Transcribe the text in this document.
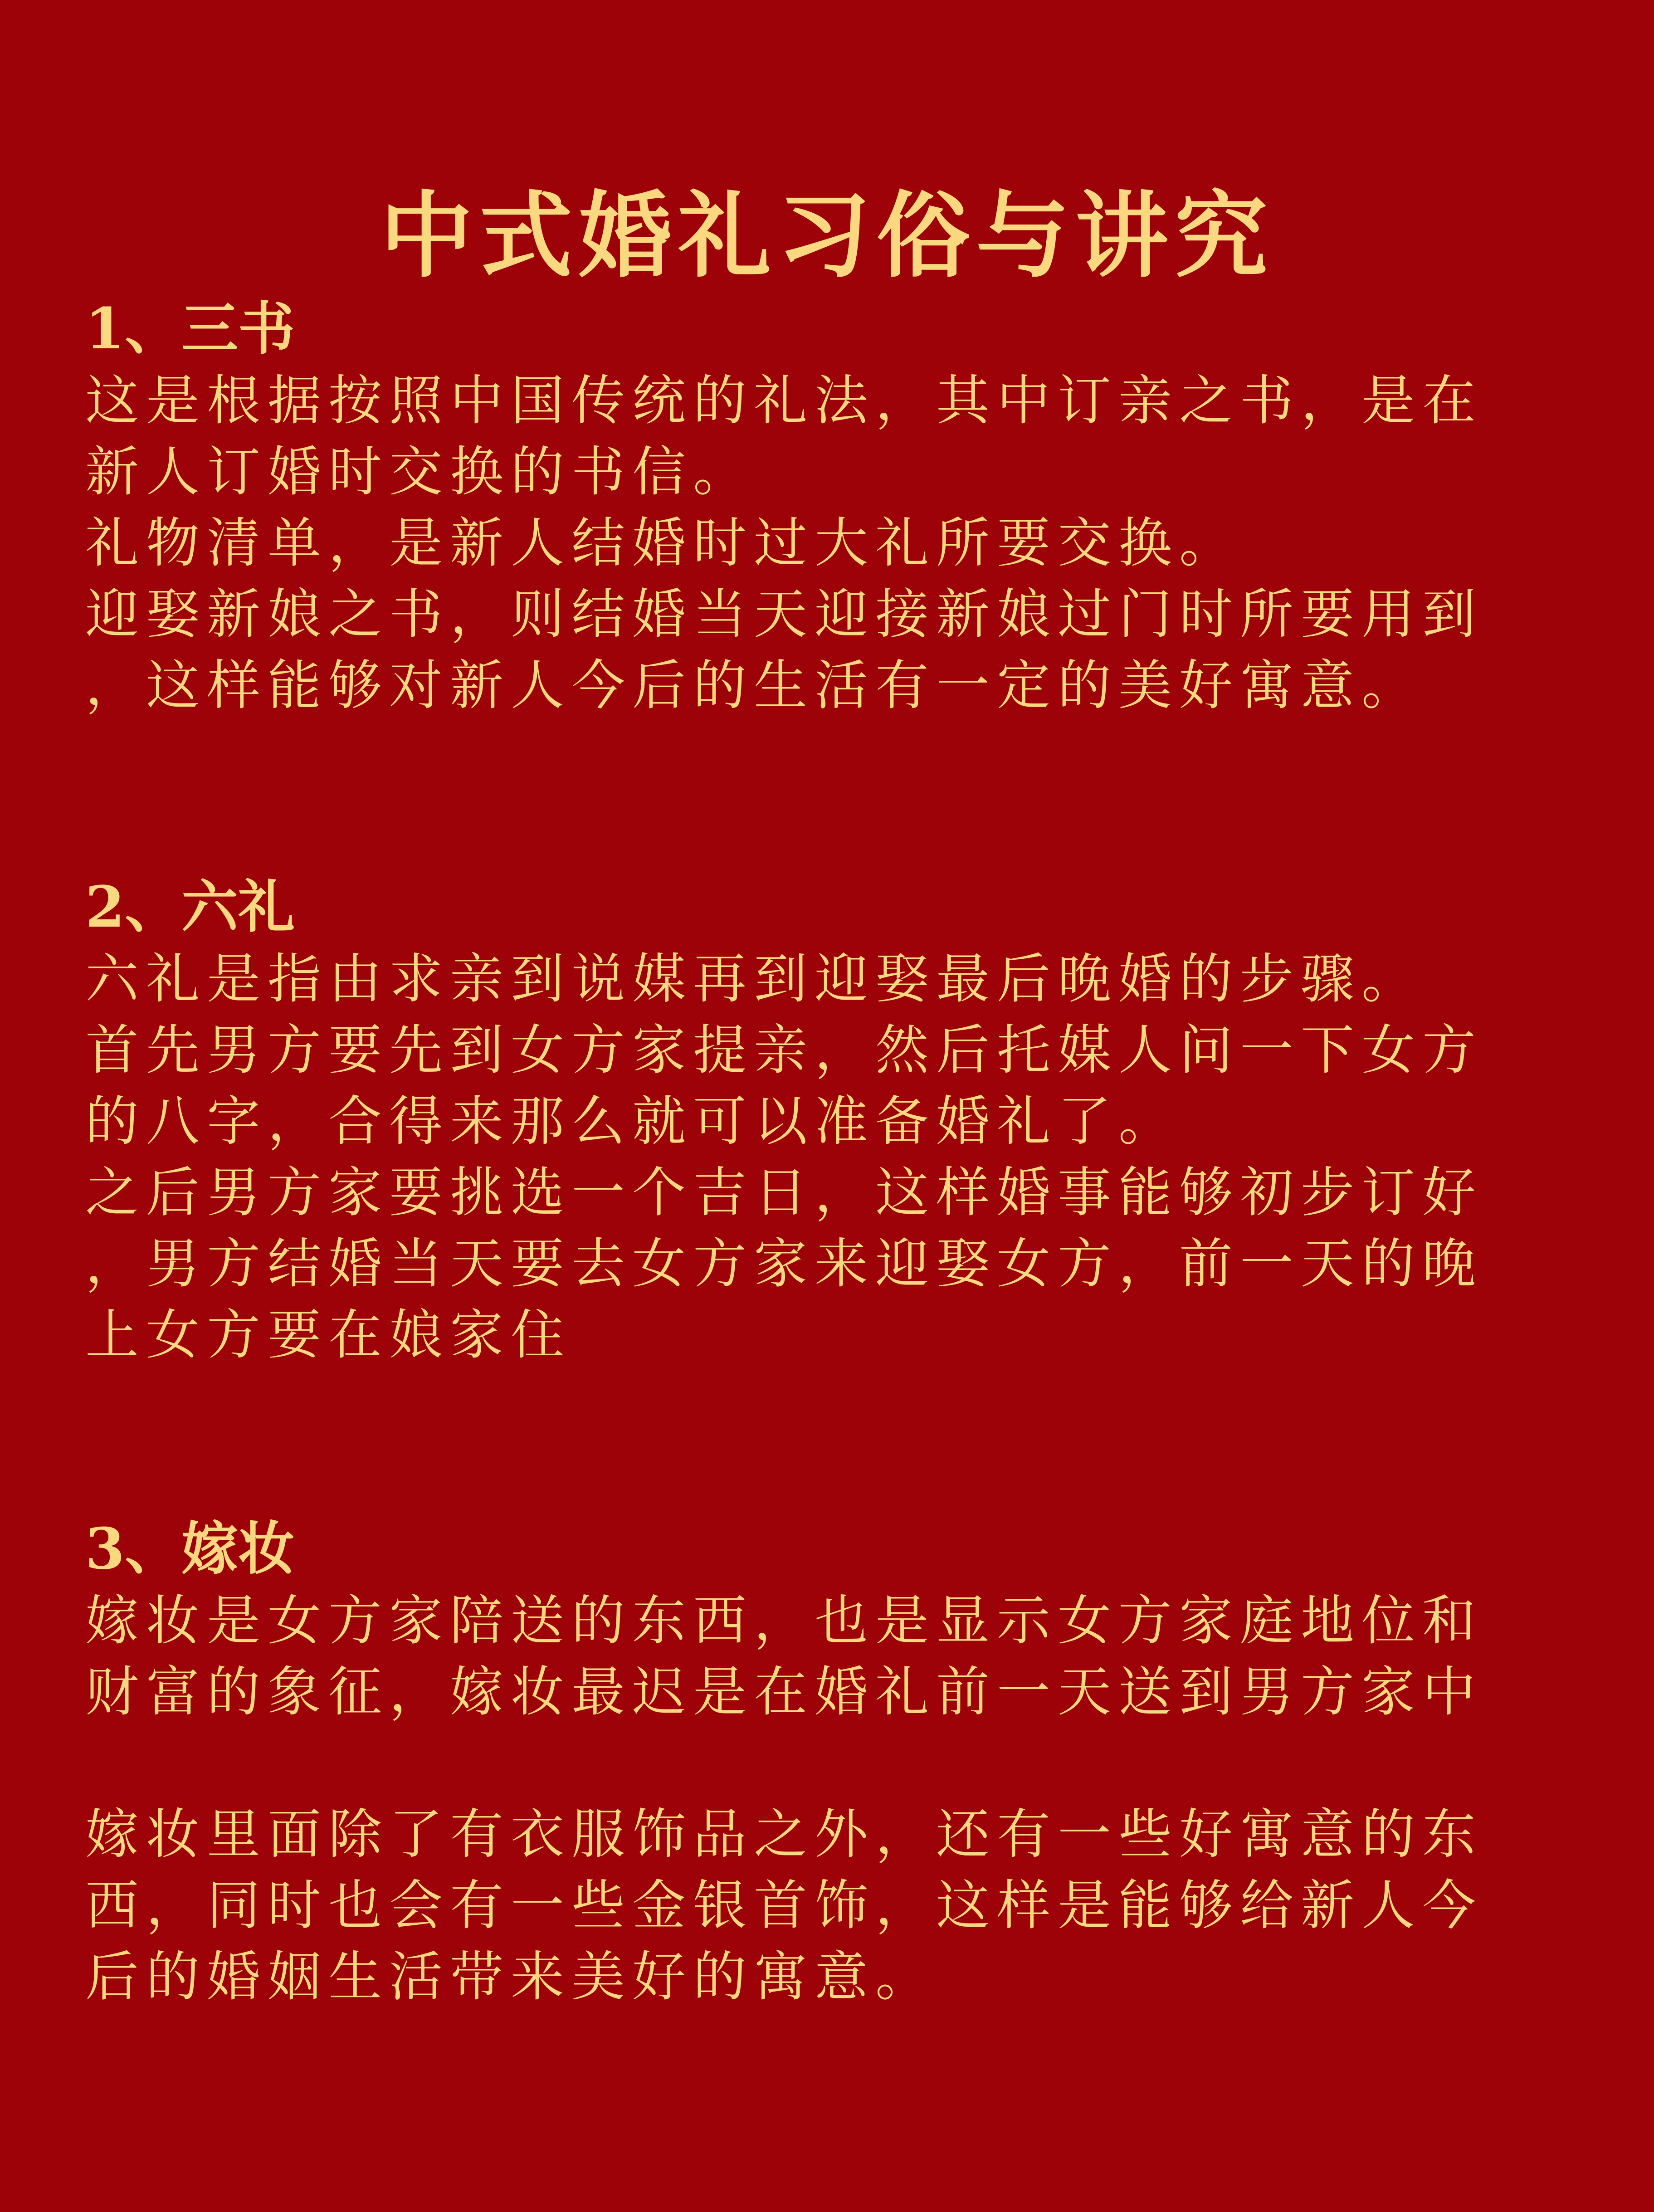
中式婚礼习俗与讲究
1、三书
这是根据按照中国传统的礼法，其中订亲之书，是在
新人订婚时交换的书信。
礼物清单，是新人结婚时过大礼所要交换。
迎娶新娘之书，则结婚当天迎接新娘过门时所要用到
，这样能够对新人今后的生活有一定的美好寓意。
2、六礼
六礼是指由求亲到说媒再到迎娶最后晚婚的步骤。
首先男方要先到女方家提亲，然后托媒人问一下女方
的八字，合得来那么就可以准备婚礼了。
之后男方家要挑选一个吉日，这样婚事能够初步订好
，男方结婚当天要去女方家来迎娶女方，前一天的晚
上女方要在娘家住
3、嫁妆
嫁妆是女方家陪送的东西，也是显示女方家庭地位和
财富的象征，嫁妆最迟是在婚礼前一天送到男方家中
嫁妆里面除了有衣服饰品之外，还有一些好寓意的东
西，同时也会有一些金银首饰，这样是能够给新人今
后的婚姻生活带来美好的寓意。
